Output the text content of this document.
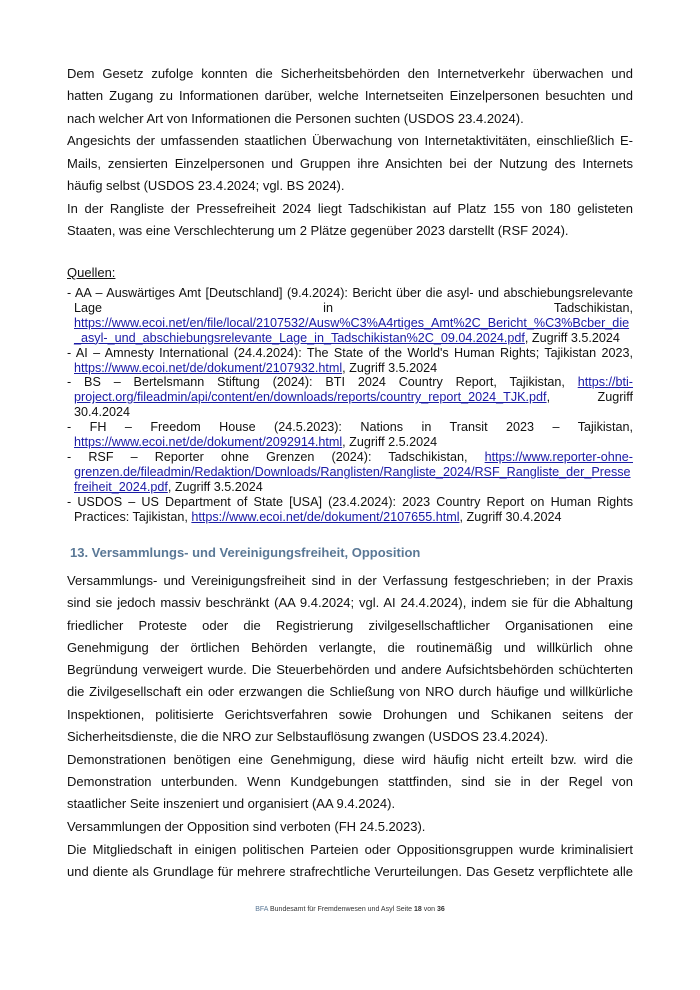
Dem Gesetz zufolge konnten die Sicherheitsbehörden den Internetverkehr überwachen und hatten Zugang zu Informationen darüber, welche Internetseiten Einzelpersonen besuchten und nach welcher Art von Informationen die Personen suchten (USDOS 23.4.2024).

Angesichts der umfassenden staatlichen Überwachung von Internetaktivitäten, einschließlich E-Mails, zensierten Einzelpersonen und Gruppen ihre Ansichten bei der Nutzung des Internets häufig selbst (USDOS 23.4.2024; vgl. BS 2024).

In der Rangliste der Pressefreiheit 2024 liegt Tadschikistan auf Platz 155 von 180 gelisteten Staaten, was eine Verschlechterung um 2 Plätze gegenüber 2023 darstellt (RSF 2024).

Quellen:
- AA – Auswärtiges Amt [Deutschland] (9.4.2024): Bericht über die asyl- und abschiebungsrelevante Lage in Tadschikistan, https://www.ecoi.net/en/file/local/2107532/Ausw%C3%A4rtiges_Amt%2C_Bericht_%C3%Bcber_die_asyl-_und_abschiebungsrelevante_Lage_in_Tadschikistan%2C_09.04.2024.pdf, Zugriff 3.5.2024
- AI – Amnesty International (24.4.2024): The State of the World's Human Rights; Tajikistan 2023, https://www.ecoi.net/de/dokument/2107932.html, Zugriff 3.5.2024
- BS – Bertelsmann Stiftung (2024): BTI 2024 Country Report, Tajikistan, https://bti-project.org/fileadmin/api/content/en/downloads/reports/country_report_2024_TJK.pdf, Zugriff 30.4.2024
- FH – Freedom House (24.5.2023): Nations in Transit 2023 – Tajikistan, https://www.ecoi.net/de/dokument/2092914.html, Zugriff 2.5.2024
- RSF – Reporter ohne Grenzen (2024): Tadschikistan, https://www.reporter-ohne-grenzen.de/fileadmin/Redaktion/Downloads/Ranglisten/Rangliste_2024/RSF_Rangliste_der_Pressefreiheit_2024.pdf, Zugriff 3.5.2024
- USDOS – US Department of State [USA] (23.4.2024): 2023 Country Report on Human Rights Practices: Tajikistan, https://www.ecoi.net/de/dokument/2107655.html, Zugriff 30.4.2024
13. Versammlungs- und Vereinigungsfreiheit, Opposition

Versammlungs- und Vereinigungsfreiheit sind in der Verfassung festgeschrieben; in der Praxis sind sie jedoch massiv beschränkt (AA 9.4.2024; vgl. AI 24.4.2024), indem sie für die Abhaltung friedlicher Proteste oder die Registrierung zivilgesellschaftlicher Organisationen eine Genehmigung der örtlichen Behörden verlangte, die routinemäßig und willkürlich ohne Begründung verweigert wurde. Die Steuerbehörden und andere Aufsichtsbehörden schüchterten die Zivilgesellschaft ein oder erzwangen die Schließung von NRO durch häufige und willkürliche Inspektionen, politisierte Gerichtsverfahren sowie Drohungen und Schikanen seitens der Sicherheitsdienste, die die NRO zur Selbstauflösung zwangen (USDOS 23.4.2024).

Demonstrationen benötigen eine Genehmigung, diese wird häufig nicht erteilt bzw. wird die Demonstration unterbunden. Wenn Kundgebungen stattfinden, sind sie in der Regel von staatlicher Seite inszeniert und organisiert (AA 9.4.2024).

Versammlungen der Opposition sind verboten (FH 24.5.2023).

Die Mitgliedschaft in einigen politischen Parteien oder Oppositionsgruppen wurde kriminalisiert und diente als Grundlage für mehrere strafrechtliche Verurteilungen. Das Gesetz verpflichtete alle

BFA Bundesamt für Fremdenwesen und Asyl Seite 18 von 36
